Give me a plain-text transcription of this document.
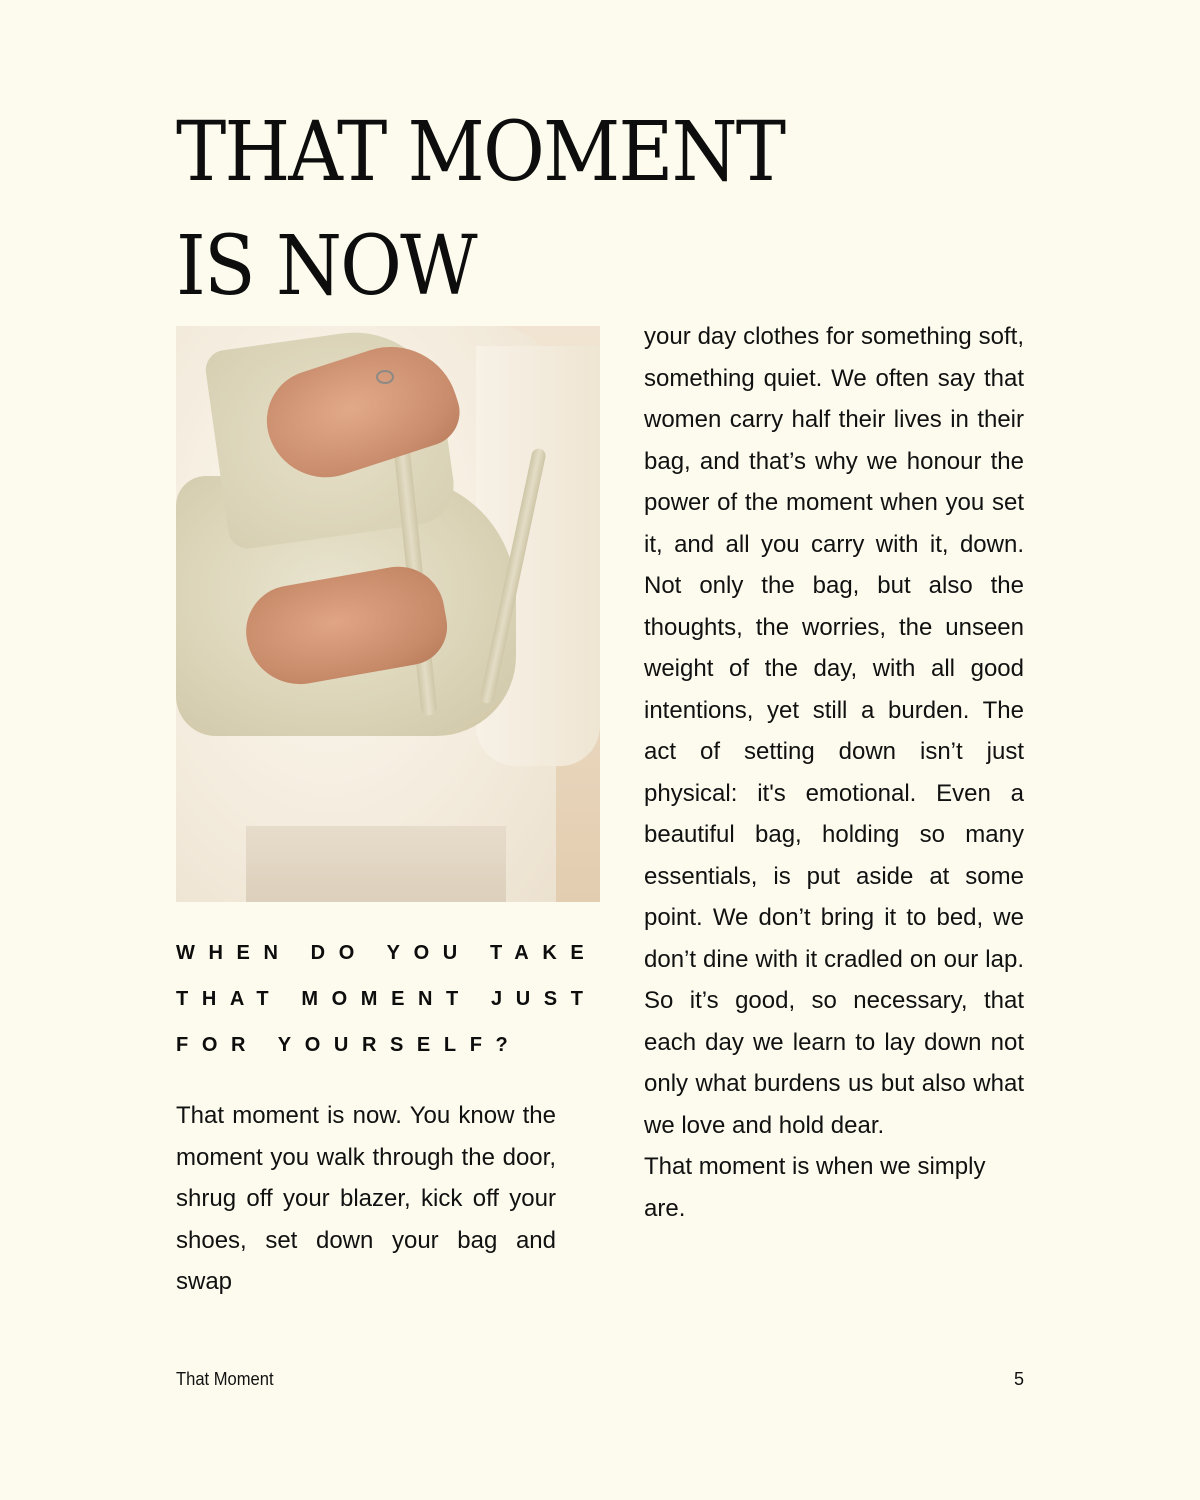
THAT MOMENT
IS NOW
WHEN DO YOU TAKE
THAT MOMENT JUST
FOR YOURSELF?

That moment is now. You know the moment you walk through the door, shrug off your blazer, kick off your shoes, set down your bag and swap

your day clothes for something soft, something quiet. We often say that women carry half their lives in their bag, and that’s why we honour the power of the moment when you set it, and all you carry with it, down. Not only the bag, but also the thoughts, the worries, the unseen weight of the day, with all good intentions, yet still a burden. The act of setting down isn’t just physical: it's emotional. Even a beautiful bag, holding so many essentials, is put aside at some point. We don’t bring it to bed, we don’t dine with it cradled on our lap. So it’s good, so necessary, that each day we learn to lay down not only what burdens us but also what we love and hold dear.

That moment is when we simply are.

That Moment	5
